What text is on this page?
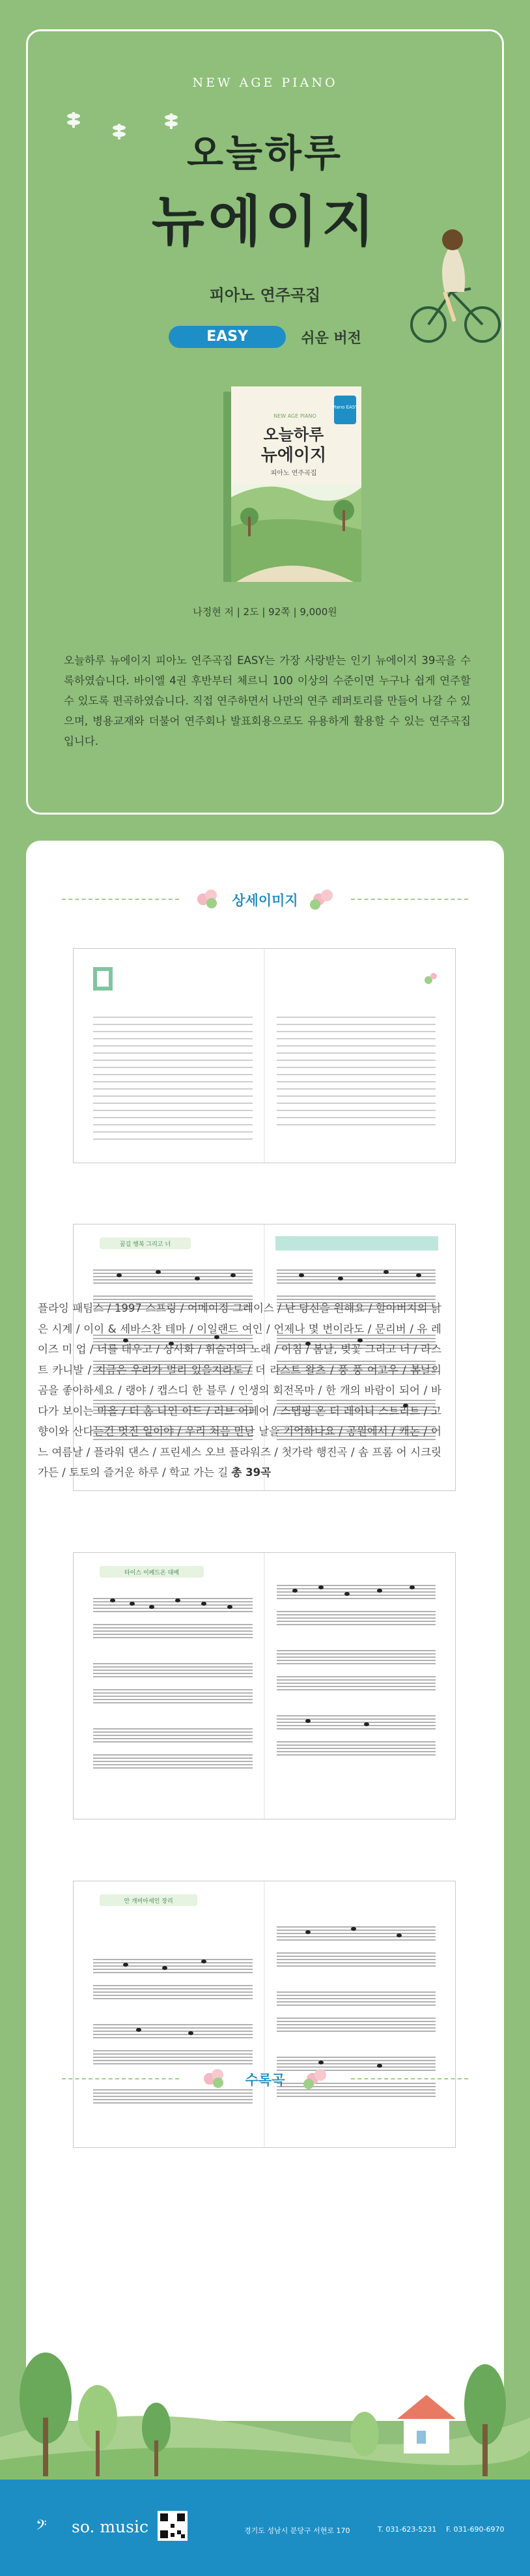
NEW AGE PIANO
오늘하루
뉴에이지
피아노 연주곡집
EASY	쉬운 버전
Piano EASY
NEW AGE PIANO
오늘하루
뉴에이지
피아노 연주곡집
나정현 저 | 2도 | 92쪽 | 9,000원
오늘하루 뉴에이지 피아노 연주곡집 EASY는 가장 사랑받는 인기 뉴에이지 39곡을 수록하였습니다. 바이엘 4권 후반부터 체르니 100 이상의 수준이면 누구나 쉽게 연주할 수 있도록 편곡하였습니다. 직접 연주하면서 나만의 연주 레퍼토리를 만들어 나갈 수 있으며, 병용교재와 더불어 연주회나 발표회용으로도 유용하게 활용할 수 있는 연주곡집입니다.
상세이미지
꿈길 행복 그리고 너
타이스 이페드온 대예
안 개비아세인 장리
수록곡
플라잉 패팀스 / 1997 스프링 / 어메이징 그레이스 / 난 당신을 원해요 / 할아버지의 낡은 시계 / 이이 & 세바스찬 테마 / 이일랜드 여인 / 언제나 몇 번이라도 / 문리버 / 유 레이즈 미 업 / 너를 태우고 / 상사화 / 휘슬러의 노래 / 아침 / 봄날, 벚꽃 그리고 너 / 라스트 카니발 / 지금은 우리가 멀리 있을지라도 / 더 라스트 왈츠 / 풍 풍 어고우 / 봄날의 곰을 좋아하세요 / 랭야 / 캡스디 한 블루 / 인생의 회전목마 / 한 개의 바람이 되어 / 바다가 보이는 마을 / 더 홈 나인 이드 / 러브 어페어 / 스탭핑 온 더 레이니 스트리트 / 고향이와 산다는건 멋진 일이야 / 우리 처음 만난 날을 기억하나요 / 공원에서 / 캐논 / 어느 여름날 / 플라워 댄스 / 프린세스 오브 플라워즈 / 첫가락 행진곡 / 솜 프롬 어 시크릿 가든 / 토토의 즐거운 하루 / 학교 가는 길 총 39곡
𝄢 so. music	경기도 성남시 분당구 서현로 170	T. 031-623-5231 F. 031-690-6970
